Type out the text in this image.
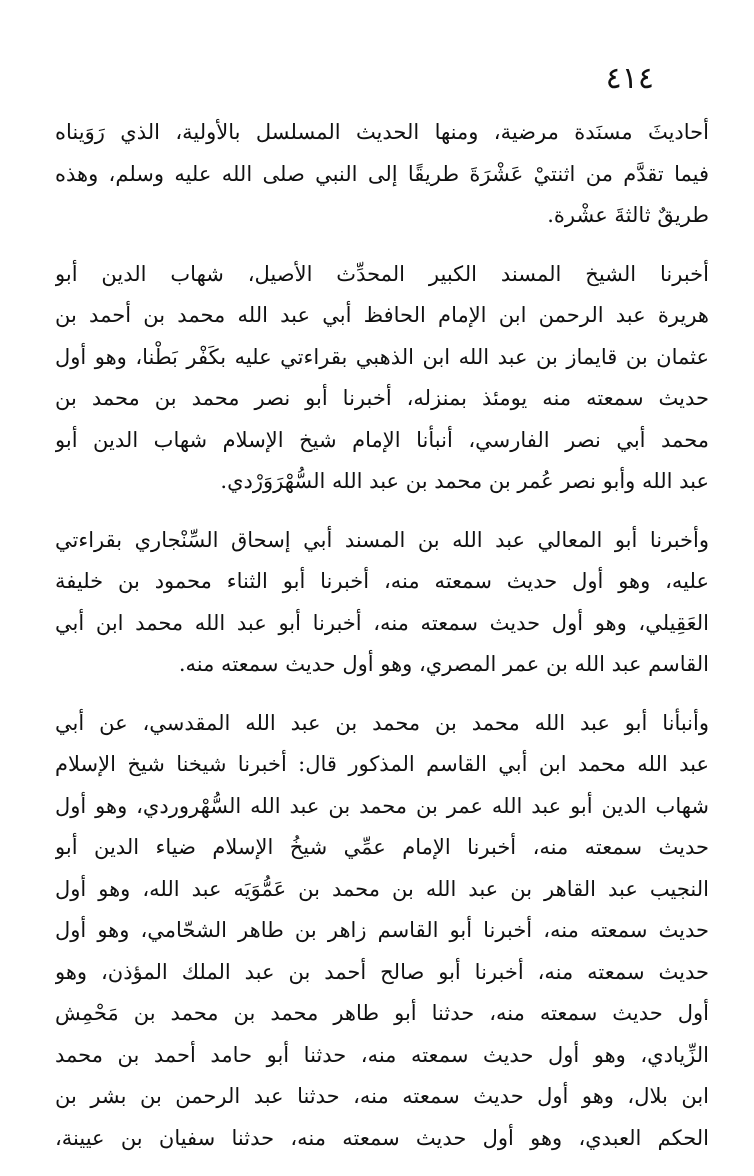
٤١٤

أحاديثَ مسنَدة مرضية، ومنها الحديث المسلسل بالأولية، الذي رَوَيناه
فيما تقدَّم من اثنتيْ عَشْرَةَ طريقًا إلى النبي صلى الله عليه وسلم، وهذه
طريقٌ ثالثةَ عشْرة.

أخبرنا الشيخ المسند الكبير المحدِّث الأصيل، شهاب الدين أبو
هريرة عبد الرحمن ابن الإمام الحافظ أبي عبد الله محمد بن أحمد بن
عثمان بن قايماز بن عبد الله ابن الذهبي بقراءتي عليه بكَفْر بَطْنا، وهو أول
حديث سمعته منه يومئذ بمنزله، أخبرنا أبو نصر محمد بن محمد بن
محمد أبي نصر الفارسي، أنبأنا الإمام شيخ الإسلام شهاب الدين أبو
عبد الله وأبو نصر عُمر بن محمد بن عبد الله السُّهْرَوَرْدي.

وأخبرنا أبو المعالي عبد الله بن المسند أبي إسحاق السِّنْجاري بقراءتي
عليه، وهو أول حديث سمعته منه، أخبرنا أبو الثناء محمود بن خليفة
العَقِيلي، وهو أول حديث سمعته منه، أخبرنا أبو عبد الله محمد ابن أبي
القاسم عبد الله بن عمر المصري، وهو أول حديث سمعته منه.

وأنبأنا أبو عبد الله محمد بن محمد بن عبد الله المقدسي، عن أبي
عبد الله محمد ابن أبي القاسم المذكور قال: أخبرنا شيخنا شيخ الإسلام
شهاب الدين أبو عبد الله عمر بن محمد بن عبد الله السُّهْروردي، وهو أول
حديث سمعته منه، أخبرنا الإمام عمِّي شيخُ الإسلام ضياء الدين أبو
النجيب عبد القاهر بن عبد الله بن محمد بن عَمُّوَيَه عبد الله، وهو أول
حديث سمعته منه، أخبرنا أبو القاسم زاهر بن طاهر الشحّامي، وهو أول
حديث سمعته منه، أخبرنا أبو صالح أحمد بن عبد الملك المؤذن، وهو
أول حديث سمعته منه، حدثنا أبو طاهر محمد بن محمد بن مَحْمِش
الزِّيادي، وهو أول حديث سمعته منه، حدثنا أبو حامد أحمد بن محمد
ابن بلال، وهو أول حديث سمعته منه، حدثنا عبد الرحمن بن بشر بن
الحكم العبدي، وهو أول حديث سمعته منه، حدثنا سفيان بن عيينة،
